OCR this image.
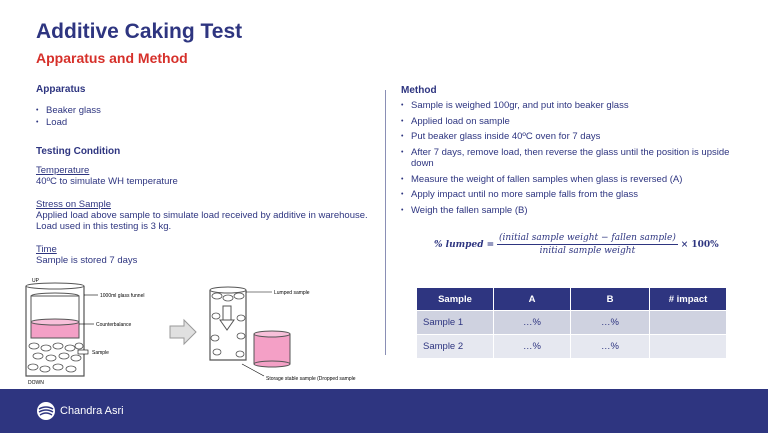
Additive Caking Test
Apparatus and Method
Apparatus
• Beaker glass
• Load
Testing Condition
Temperature
40ºC to simulate WH temperature
Stress on Sample
Applied load above sample to simulate load received by additive in warehouse.
Load used in this testing is 3 kg.
Time
Sample is stored 7 days
UP
DOWN
1000ml glass funnel
Counterbalance
Sample
Lumped sample
Storage stable sample (Dropped sample
Method
• Sample is weighed 100gr, and put into beaker glass
• Applied load on sample
• Put beaker glass inside 40ºC oven for 7 days
• After 7 days, remove load, then reverse the glass until the position is upside down
• Measure the weight of fallen samples when glass is reversed (A)
• Apply impact until no more sample falls from the glass
• Weigh the fallen sample (B)
% lumped = $\frac{\text{(initial sample weight − fallen sample)}}{\text{initial sample weight}} \times 100\%$
Sample	A	B	# impact
Sample 1	…%	…%	
Sample 2	…%	…%	
Chandra Asri
